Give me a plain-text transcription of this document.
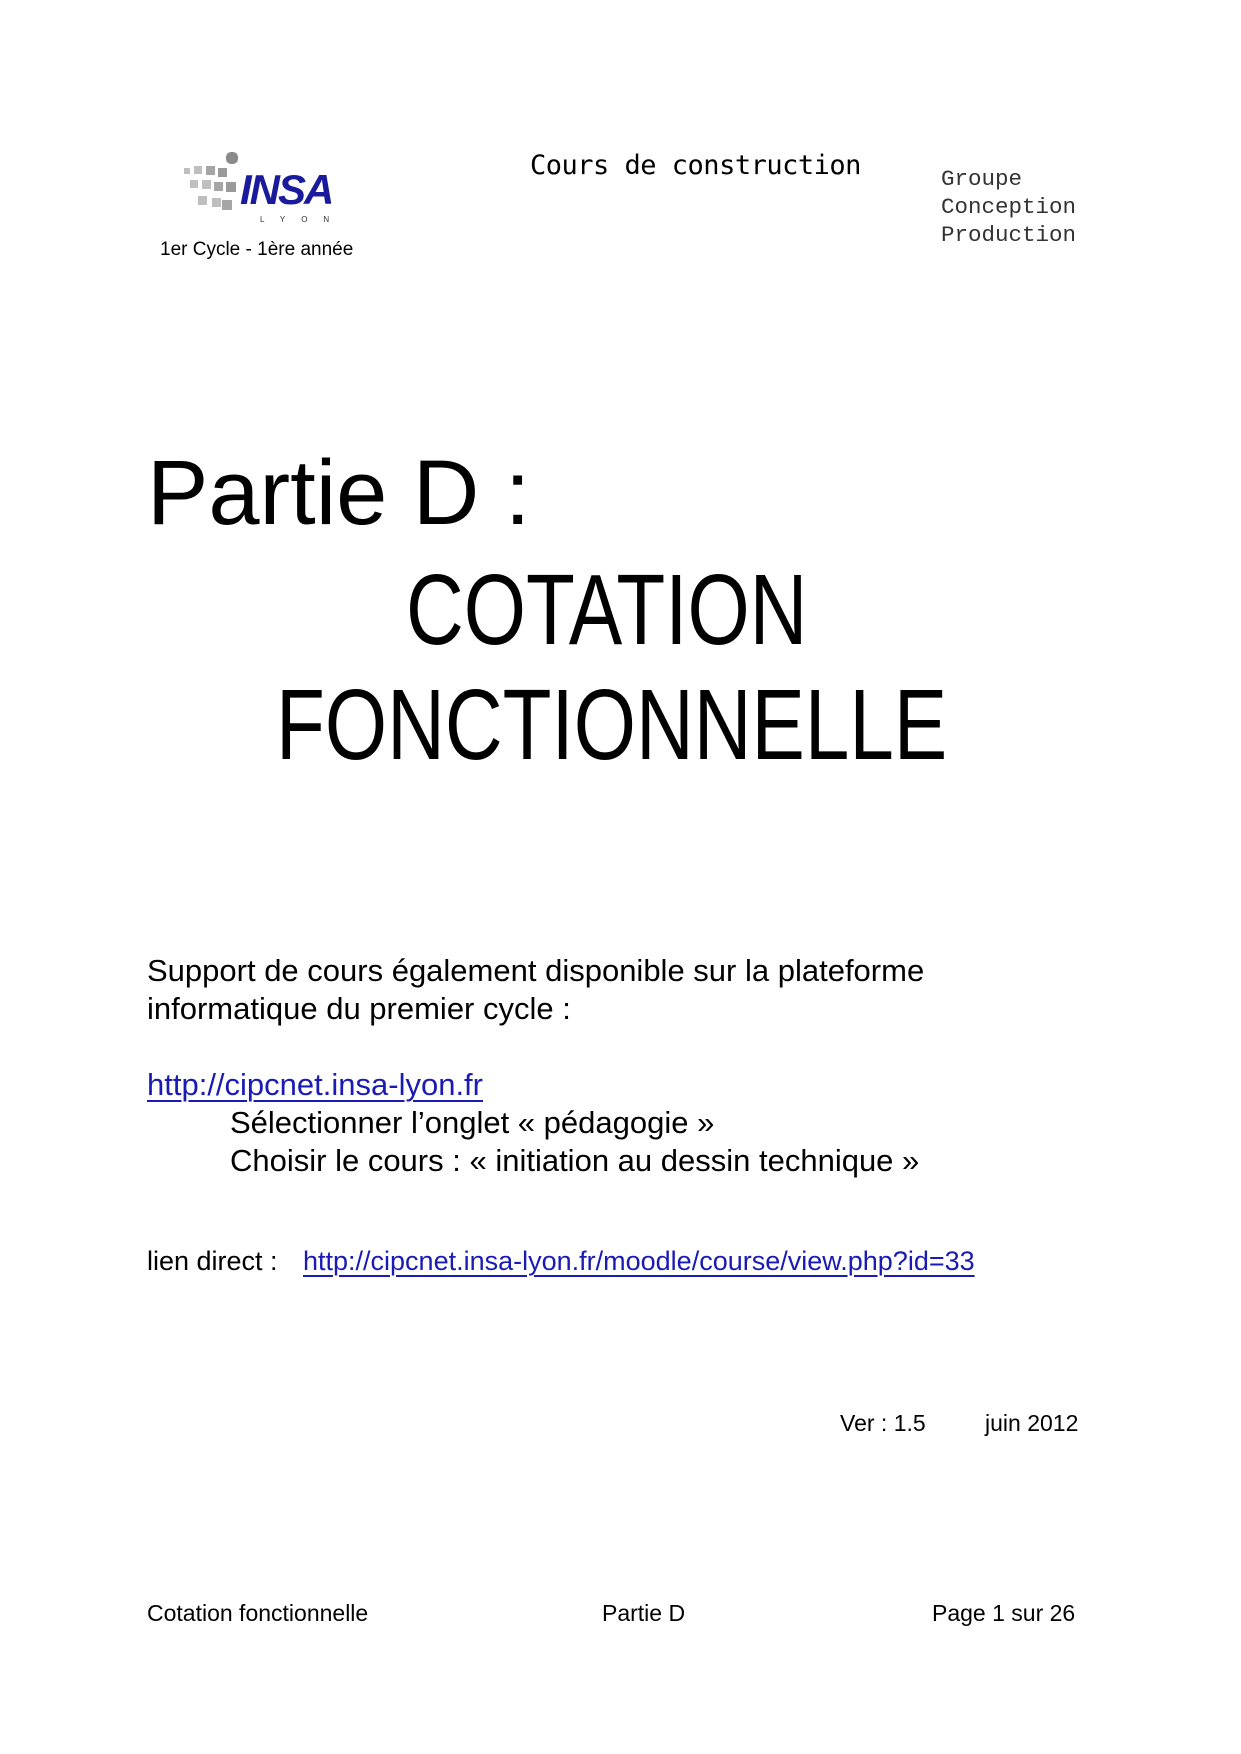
INSA
LYON
1er Cycle - 1ère année
Cours de construction	Groupe
Conception
Production
Partie D :
COTATION
FONCTIONNELLE
Support de cours également disponible sur la plateforme
informatique du premier cycle :
http://cipcnet.insa-lyon.fr
Sélectionner l’onglet « pédagogie »
Choisir le cours : « initiation au dessin technique »
lien direct : http://cipcnet.insa-lyon.fr/moodle/course/view.php?id=33
Ver : 1.5	juin 2012
Cotation fonctionnelle	Partie D	Page 1 sur 26
